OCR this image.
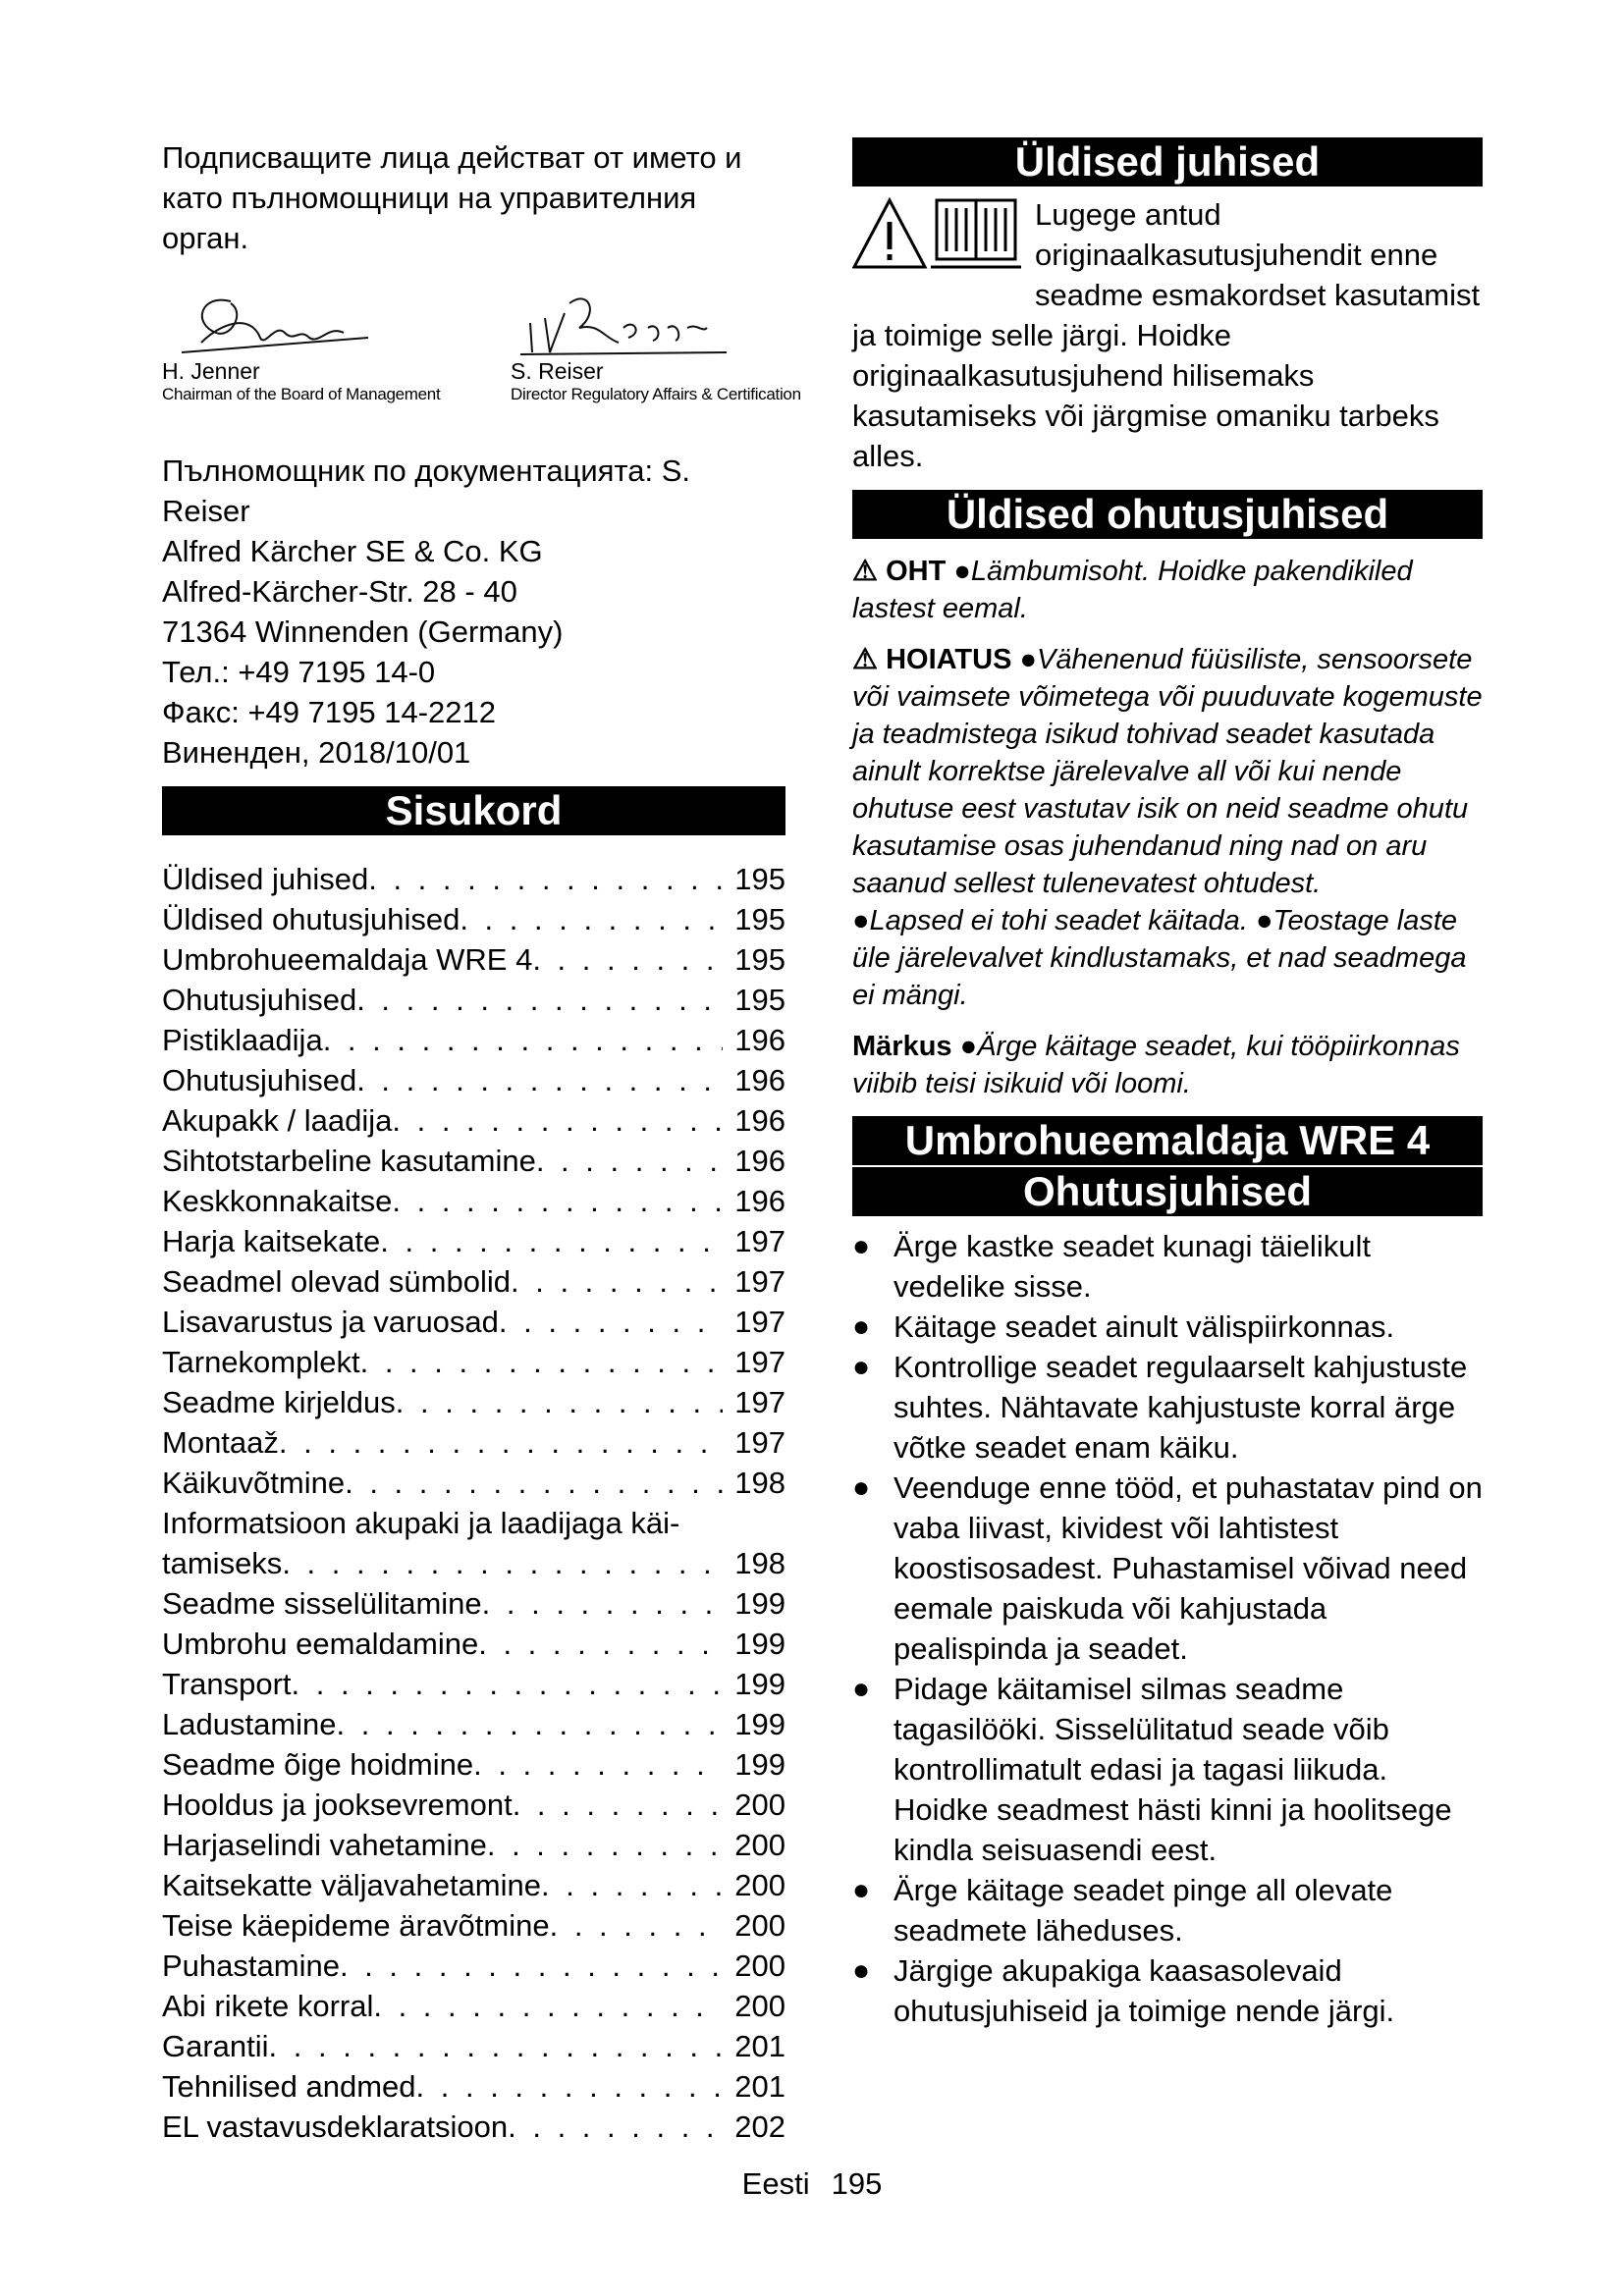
Подписващите лица действат от името и като пълномощници на управителния орган.

H. Jenner
Chairman of the Board of Management
S. Reiser
Director Regulatory Affairs & Certification

Пълномощник по документацията: S. Reiser

Alfred Kärcher SE & Co. KG

Alfred-Kärcher-Str. 28 - 40

71364 Winnenden (Germany)

Тел.: +49 7195 14-0

Факс: +49 7195 14-2212

Виненден, 2018/10/01

Sisukord
Üldised juhised . . .	195
Üldised ohutusjuhised . . .	195
Umbrohueemaldaja WRE 4 . . .	195
Ohutusjuhised . . .	195
Pistiklaadija . . .	196
Ohutusjuhised . . .	196
Akupakk / laadija . . .	196
Sihtotstarbeline kasutamine . . .	196
Keskkonnakaitse . . .	196
Harja kaitsekate . . .	197
Seadmel olevad sümbolid . . .	197
Lisavarustus ja varuosad . . .	197
Tarnekomplekt . . .	197
Seadme kirjeldus . . .	197
Montaaž . . .	197
Käikuvõtmine . . .	198
Informatsioon akupaki ja laadijaga käi-
tamiseks . . .	198
Seadme sisselülitamine . . .	199
Umbrohu eemaldamine . . .	199
Transport . . .	199
Ladustamine . . .	199
Seadme õige hoidmine . . .	199
Hooldus ja jooksevremont . . .	200
Harjaselindi vahetamine . . .	200
Kaitsekatte väljavahetamine . . .	200
Teise käepideme äravõtmine . . .	200
Puhastamine . . .	200
Abi rikete korral . . .	200
Garantii . . .	201
Tehnilised andmed . . .	201
EL vastavusdeklaratsioon . . .	202
Üldised juhised
Lugege antud originaalkasutusjuhendit enne seadme esmakordset kasutamist ja toimige selle järgi. Hoidke originaalkasutusjuhend hilisemaks kasutamiseks või järgmise omaniku tarbeks alles.
Üldised ohutusjuhised

⚠ OHT ●Lämbumisoht. Hoidke pakendikiled lastest eemal.

⚠ HOIATUS ●Vähenenud füüsiliste, sensoorsete või vaimsete võimetega või puuduvate kogemuste ja teadmistega isikud tohivad seadet kasutada ainult korrektse järelevalve all või kui nende ohutuse eest vastutav isik on neid seadme ohutu kasutamise osas juhendanud ning nad on aru saanud sellest tulenevatest ohtudest.
●Lapsed ei tohi seadet käitada. ●Teostage laste üle järelevalvet kindlustamaks, et nad seadmega ei mängi.

Märkus ●Ärge käitage seadet, kui tööpiirkonnas viibib teisi isikuid või loomi.

Umbrohueemaldaja WRE 4
Ohutusjuhised
● Ärge kastke seadet kunagi täielikult vedelike sisse.
● Käitage seadet ainult välispiirkonnas.
● Kontrollige seadet regulaarselt kahjustuste suhtes. Nähtavate kahjustuste korral ärge võtke seadet enam käiku.
● Veenduge enne tööd, et puhastatav pind on vaba liivast, kividest või lahtistest koostisosadest. Puhastamisel võivad need eemale paiskuda või kahjustada pealispinda ja seadet.
● Pidage käitamisel silmas seadme tagasilööki. Sisselülitatud seade võib kontrollimatult edasi ja tagasi liikuda. Hoidke seadmest hästi kinni ja hoolitsege kindla seisuasendi eest.
● Ärge käitage seadet pinge all olevate seadmete läheduses.
● Järgige akupakiga kaasasolevaid ohutusjuhiseid ja toimige nende järgi.
Eesti 195
